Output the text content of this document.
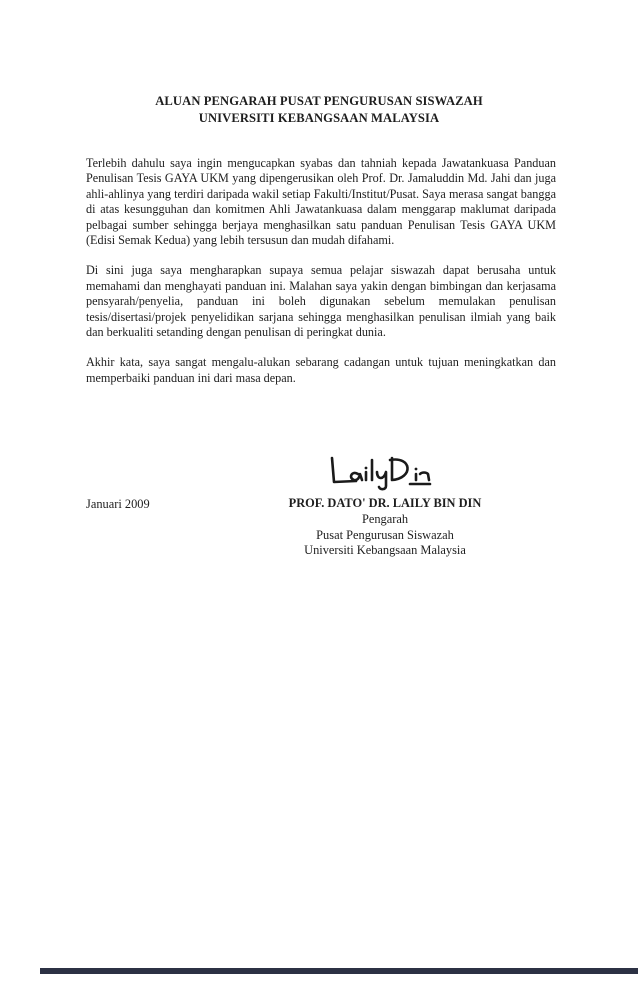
ALUAN PENGARAH PUSAT PENGURUSAN SISWAZAH
UNIVERSITI KEBANGSAAN MALAYSIA

Terlebih dahulu saya ingin mengucapkan syabas dan tahniah kepada Jawatankuasa Panduan Penulisan Tesis GAYA UKM yang dipengerusikan oleh Prof. Dr. Jamaluddin Md. Jahi dan juga ahli-ahlinya yang terdiri daripada wakil setiap Fakulti/Institut/Pusat. Saya merasa sangat bangga di atas kesungguhan dan komitmen Ahli Jawatankuasa dalam menggarap maklumat daripada pelbagai sumber sehingga berjaya menghasilkan satu panduan Penulisan Tesis GAYA UKM (Edisi Semak Kedua) yang lebih tersusun dan mudah difahami.

Di sini juga saya mengharapkan supaya semua pelajar siswazah dapat berusaha untuk memahami dan menghayati panduan ini. Malahan saya yakin dengan bimbingan dan kerjasama pensyarah/penyelia, panduan ini boleh digunakan sebelum memulakan penulisan tesis/disertasi/projek penyelidikan sarjana sehingga menghasilkan penulisan ilmiah yang baik dan berkualiti setanding dengan penulisan di peringkat dunia.

Akhir kata, saya sangat mengalu-alukan sebarang cadangan untuk tujuan meningkatkan dan memperbaiki panduan ini dari masa depan.

Januari 2009	PROF. DATO' DR. LAILY BIN DIN
Pengarah
Pusat Pengurusan Siswazah
Universiti Kebangsaan Malaysia
